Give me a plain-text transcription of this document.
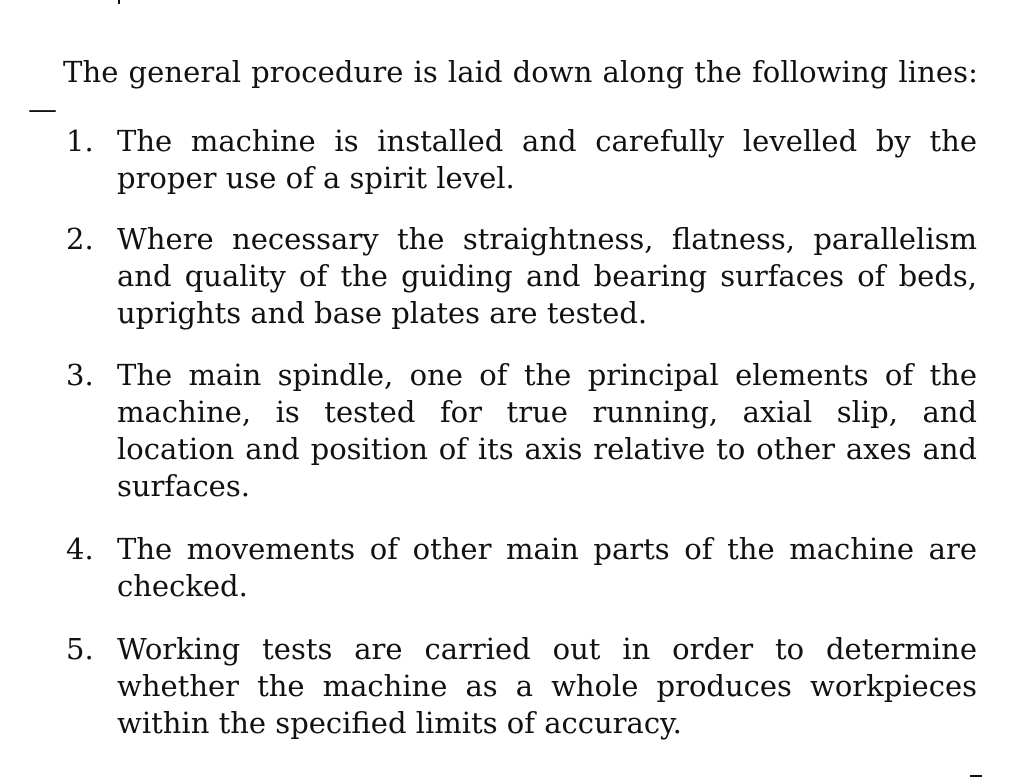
The general procedure is laid down along the following lines:—

1. The machine is installed and carefully levelled by the proper use of a spirit level.
2. Where necessary the straightness, flatness, parallelism and quality of the guiding and bearing surfaces of beds, uprights and base plates are tested.
3. The main spindle, one of the principal elements of the machine, is tested for true running, axial slip, and location and position of its axis relative to other axes and surfaces.
4. The movements of other main parts of the machine are checked.
5. Working tests are carried out in order to determine whether the machine as a whole produces workpieces within the specified limits of accuracy.
